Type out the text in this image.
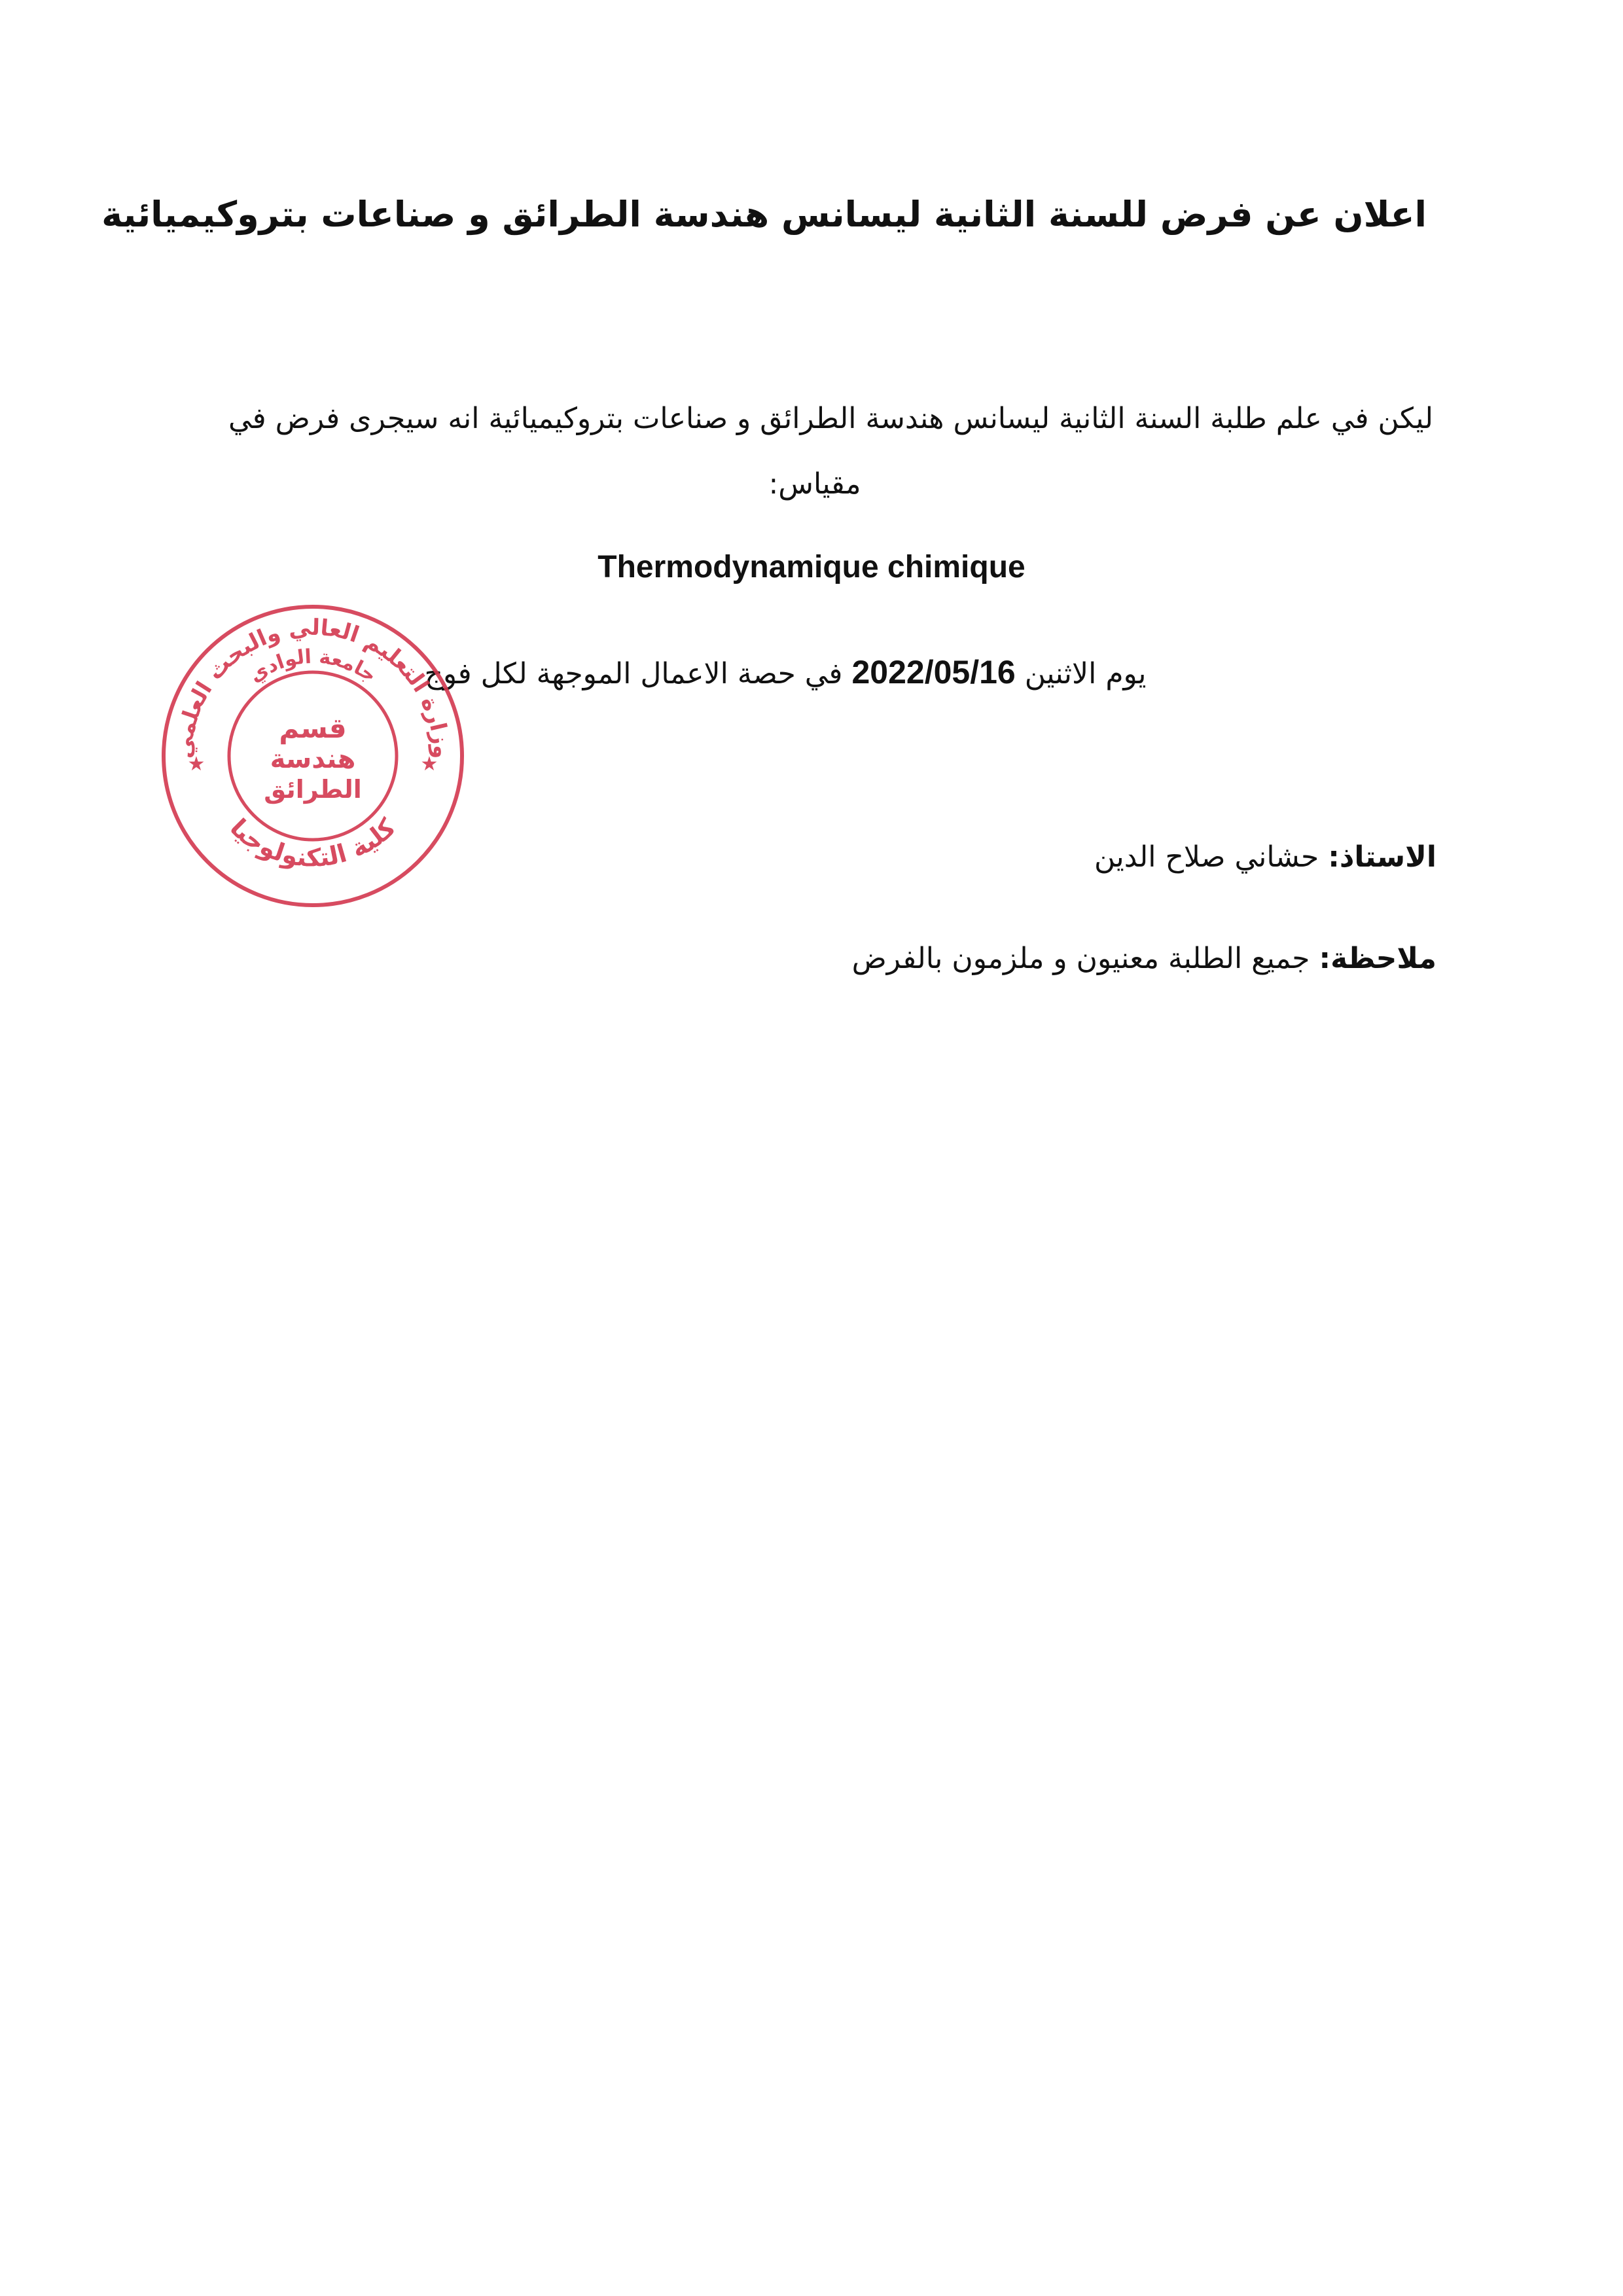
اعلان عن فرض للسنة الثانية ليسانس هندسة الطرائق و صناعات بتروكيميائية
ليكن في علم طلبة السنة الثانية ليسانس هندسة الطرائق و صناعات بتروكيميائية انه سيجرى فرض في
مقياس:
Thermodynamique chimique
يوم الاثنين 2022/05/16 في حصة الاعمال الموجهة لكل فوج
الاستاذ: حشاني صلاح الدين
ملاحظة: جميع الطلبة معنيون و ملزمون بالفرض
وزارة التعليم العالي والبحث العلمي
جامعة الوادي
كلية التكنولوجيا
★	★
قسم
هندسة
الطرائق
